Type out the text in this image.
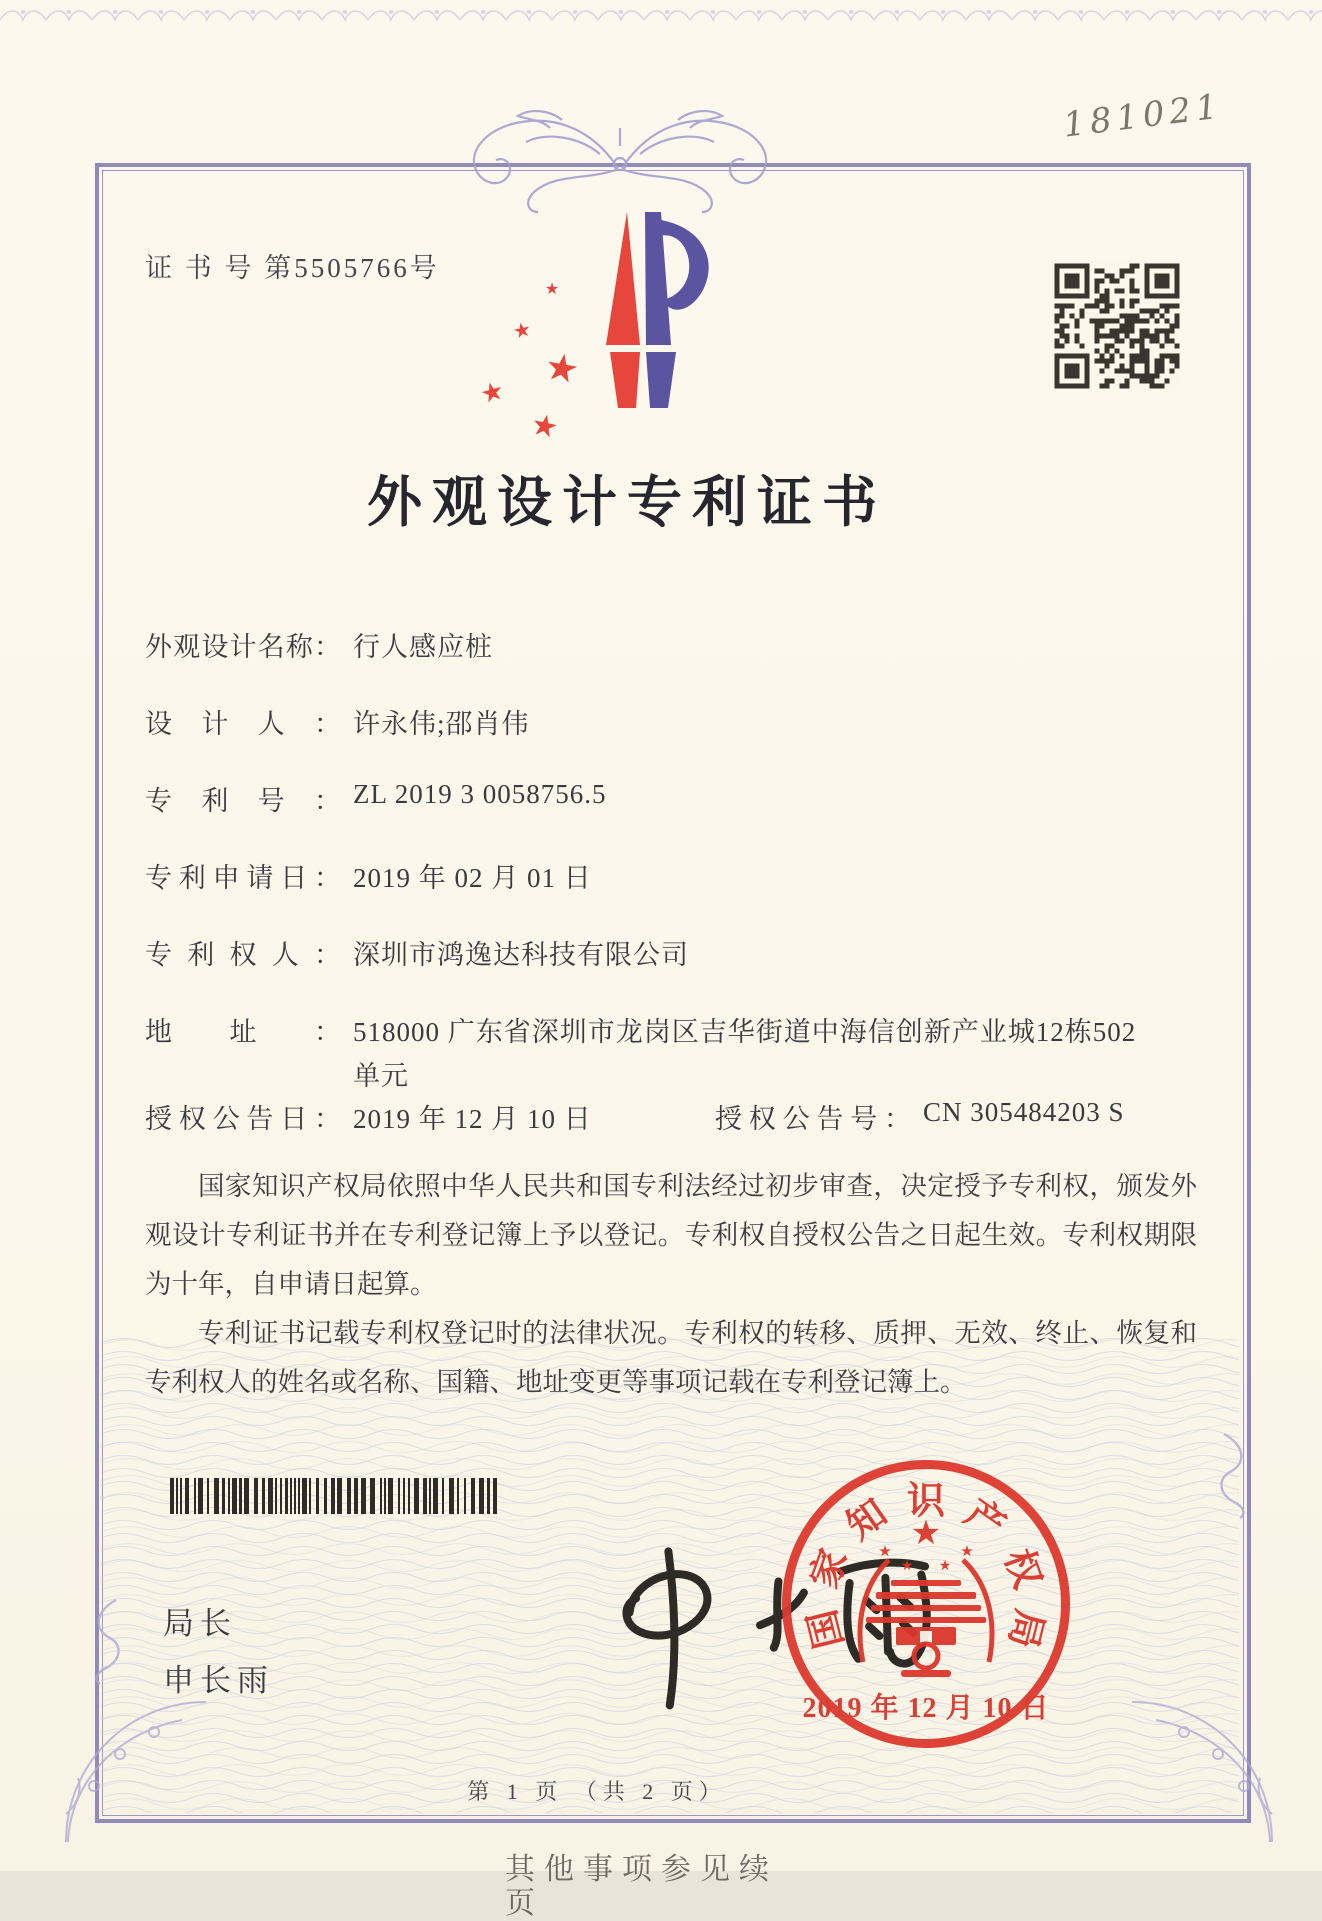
181021
证 书 号 第5505766号
★
★
★
★
★
外观设计专利证书
外观设计名称： 行人感应桩
设计人： 许永伟;邵肖伟
专利号： ZL 2019 3 0058756.5
专利申请日： 2019 年 02 月 01 日
专利权人： 深圳市鸿逸达科技有限公司
地址： 518000 广东省深圳市龙岗区吉华街道中海信创新产业城12栋502单元
授权公告日： 2019 年 12 月 10 日	授权公告号： CN 305484203 S

国家知识产权局依照中华人民共和国专利法经过初步审查，决定授予专利权，颁发外观设计专利证书并在专利登记簿上予以登记。专利权自授权公告之日起生效。专利权期限为十年，自申请日起算。

专利证书记载专利权登记时的法律状况。专利权的转移、质押、无效、终止、恢复和专利权人的姓名或名称、国籍、地址变更等事项记载在专利登记簿上。

局长
申长雨
国
家
知 识 产
权
局
★
★	★
★ ★
2019 年 12 月 10 日
第 1 页 （共 2 页）
其他事项参见续页
